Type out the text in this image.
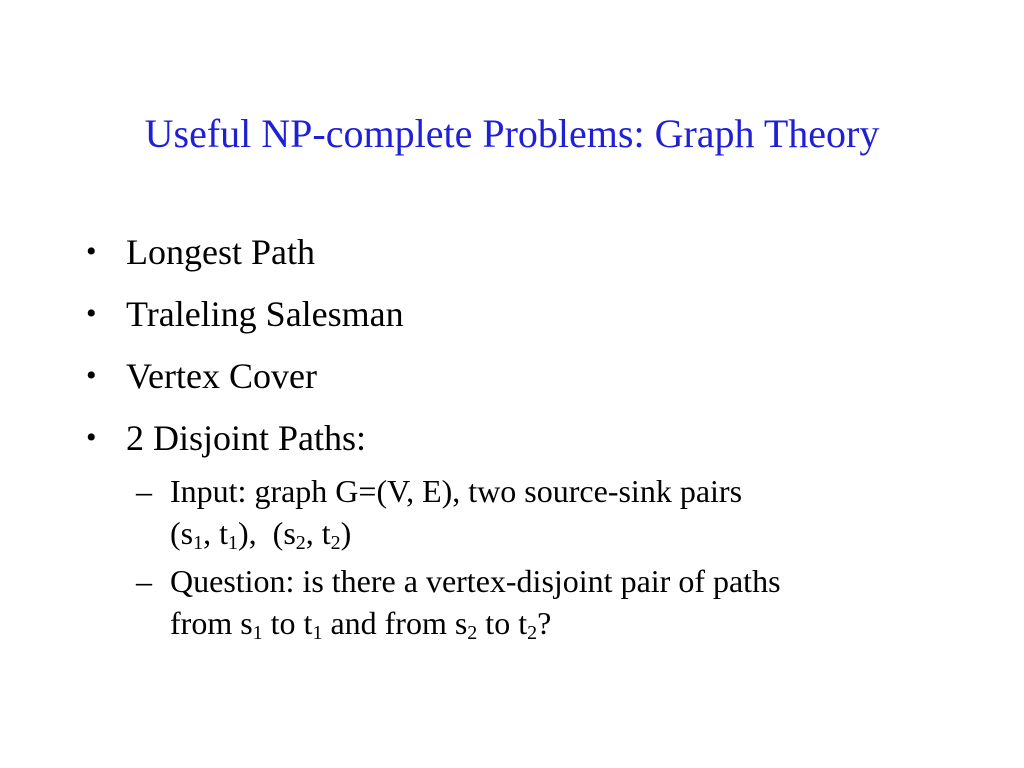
Useful NP-complete Problems: Graph Theory
• Longest Path
• Traleling Salesman
• Vertex Cover
• 2 Disjoint Paths:
– Input: graph G=(V, E), two source-sink pairs
($s_1$, $t_1$),  ($s_2$, $t_2$)
– Question: is there a vertex-disjoint pair of paths
from $s_1$ to $t_1$ and from $s_2$ to $t_2$?
